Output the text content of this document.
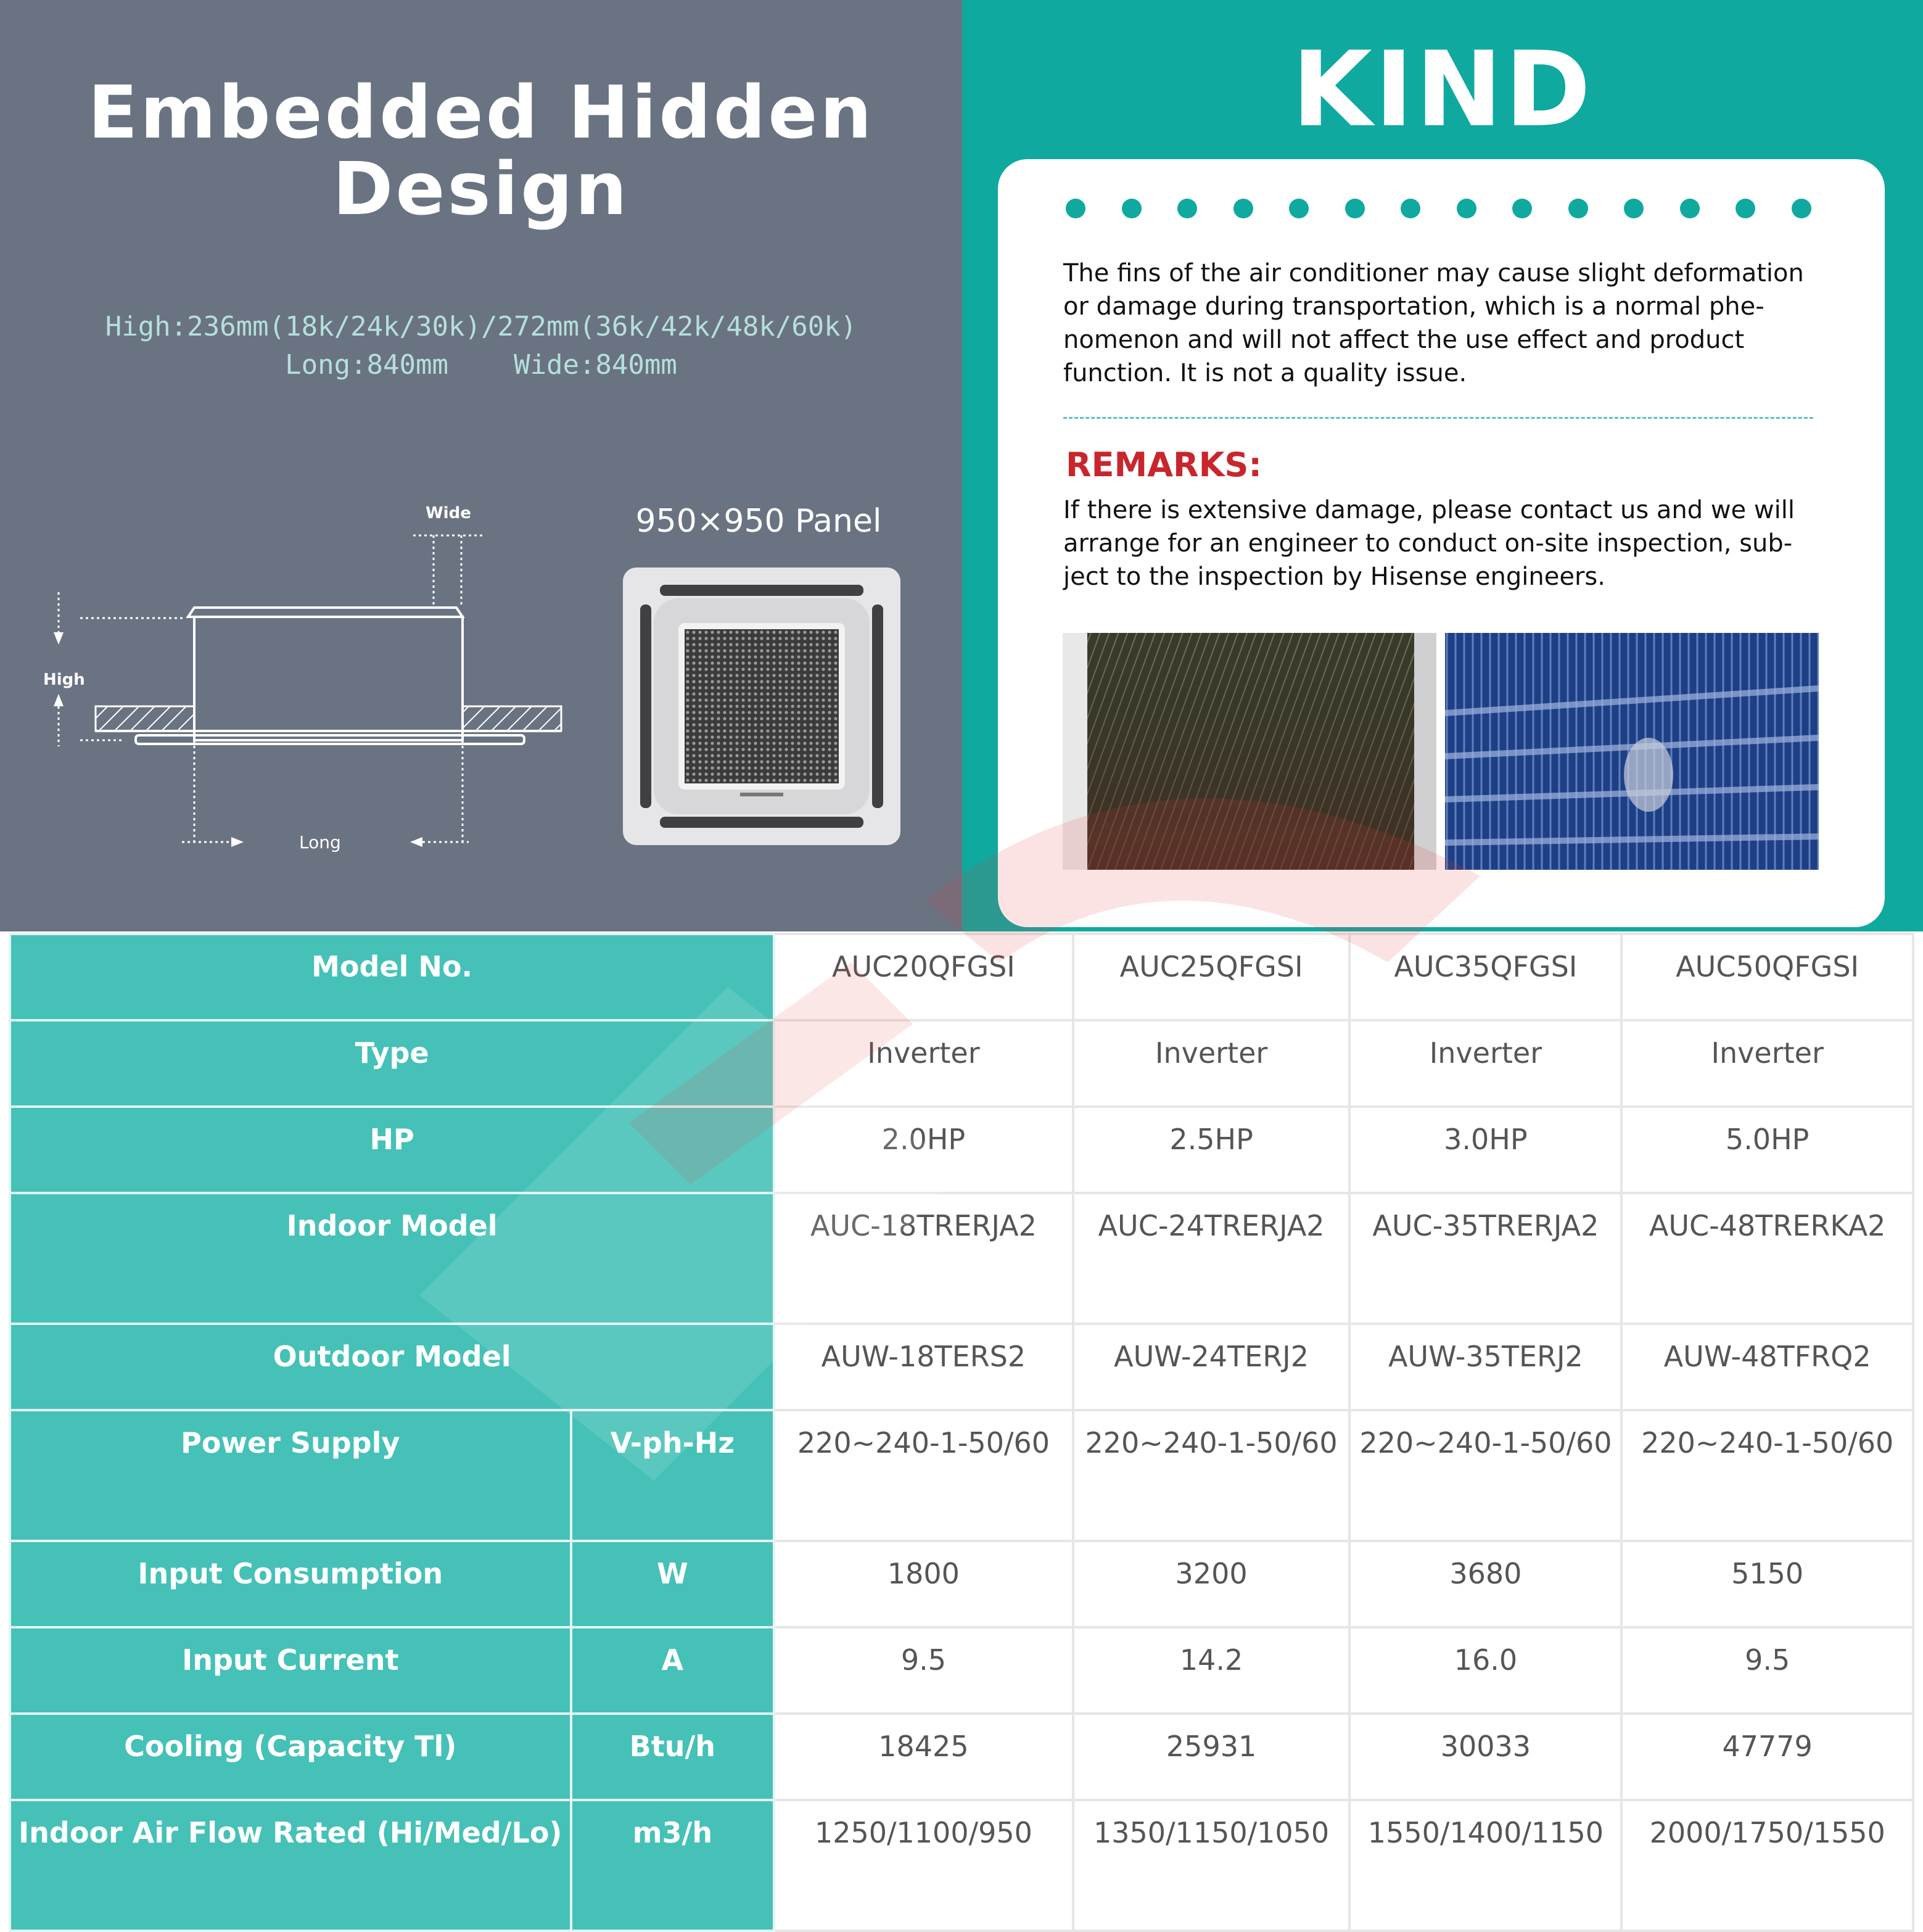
Embedded Hidden
Design
High:236mm(18k/24k/30k)/272mm(36k/42k/48k/60k)
Long:840mm    Wide:840mm
High
Wide
Long
950×950 Panel
KIND
The fins of the air conditioner may cause slight deformation or damage during transportation, which is a normal phe-nomenon and will not affect the use effect and product function. It is not a quality issue.
REMARKS:
If there is extensive damage, please contact us and we will arrange for an engineer to conduct on-site inspection, sub-ject to the inspection by Hisense engineers.
Model No.		AUC20QFGSI	AUC25QFGSI	AUC35QFGSI	AUC50QFGSI
Type		Inverter	Inverter	Inverter	Inverter
HP		2.0HP	2.5HP	3.0HP	5.0HP
Indoor Model		AUC-18TRERJA2	AUC-24TRERJA2	AUC-35TRERJA2	AUC-48TRERKA2
Outdoor Model		AUW-18TERS2	AUW-24TERJ2	AUW-35TERJ2	AUW-48TFRQ2
Power Supply	V-ph-Hz	220~240-1-50/60	220~240-1-50/60	220~240-1-50/60	220~240-1-50/60
Input Consumption	W	1800	3200	3680	5150
Input Current	A	9.5	14.2	16.0	9.5
Cooling (Capacity Tl)	Btu/h	18425	25931	30033	47779
Indoor Air Flow Rated (Hi/Med/Lo)	m3/h	1250/1100/950	1350/1150/1050	1550/1400/1150	2000/1750/1550
